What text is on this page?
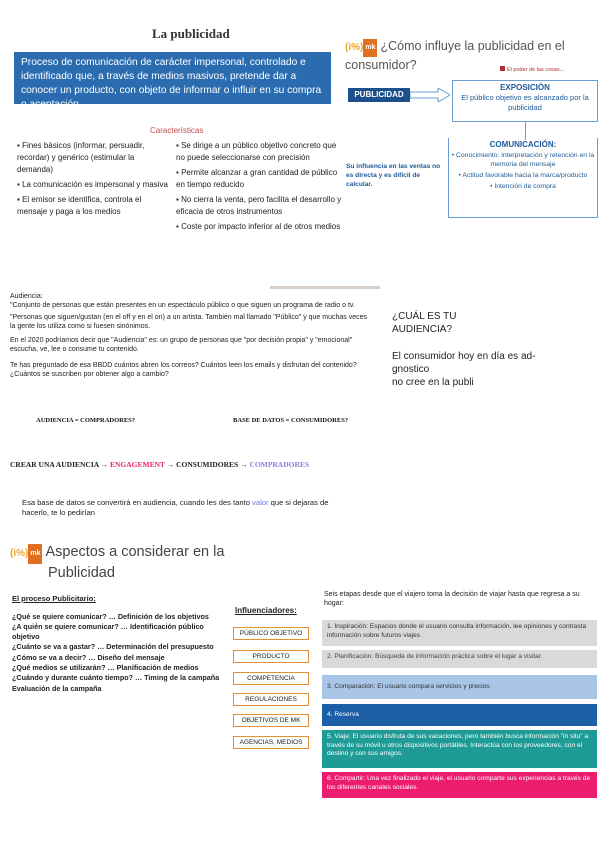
La publicidad
Proceso de comunicación de carácter impersonal, controlado e identificado que, a través de medios masivos, pretende dar a conocer un producto, con objeto de informar o influir en su compra o aceptación
Características
▪ Fines básicos (informar, persuadir, recordar) y genérico (estimular la demanda)
▪ La comunicación es impersonal y masiva
▪ El emisor se identifica, controla el mensaje y paga a los medios
▪ Se dirige a un público objetivo concreto que no puede seleccionarse con precisión
▪ Permite alcanzar a gran cantidad de público en tiempo reducido
▪ No cierra la venta, pero facilita el desarrollo y eficacia de otros instrumentos
▪ Coste por impacto inferior al de otros medios
(i%) mk ¿Cómo influye la publicidad en el consumidor?	El poder de las cosas...
PUBLICIDAD
EXPOSICIÓN
El público objetivo es alcanzado por la publicidad
COMUNICACIÓN:
• Conocimiento: interpretación y retención en la memoria del mensaje
• Actitud favorable hacia la marca/producto
• Intención de compra
Su influencia en las ventas no es directa y es difícil de calcular.
Audiencia:
"Conjunto de personas que están presentes en un espectáculo público o que siguen un programa de radio o tv.
"Personas que siguen/gustan (en el off y en el on) a un artista. También mal llamado "Público" y que muchas veces la gente los utiliza como si fuesen sinónimos.
En el 2020 podríamos decir que "Audiencia" es: un grupo de personas que "por decisión propia" y "emocional" escucha, ve, lee o consume tu contenido.
Te has preguntado de esa BBDD cuántos abren los correos? Cuántos leen los emails y disfrutan del contenido? ¿Cuántos se suscriben por obtener algo a cambio?
AUDIENCIA = COMPRADORES?	BASE DE DATOS = CONSUMIDORES?
¿CUÁL ES TU
AUDIENCIA?
El consumidor hoy en día es ad-
gnostico
no cree en la publi
CREAR UNA AUDIENCIA → ENGAGEMENT → CONSUMIDORES → COMPRADORES
Esa base de datos se convertirá en audiencia, cuando les des tanto valor que si dejaras de hacerlo, te lo pedirían
(i%) mk Aspectos a considerar en la
Publicidad
El proceso Publicitario:
¿Qué se quiere comunicar? … Definición de los objetivos
¿A quién se quiere comunicar? … Identificación público objetivo
¿Cuánto se va a gastar? … Determinación del presupuesto
¿Cómo se va a decir? … Diseño del mensaje
¿Qué medios se utilizarán? … Planificación de medios
¿Cuándo y durante cuánto tiempo? … Timing de la campaña
Evaluación de la campaña
Influenciadores:
PÚBLICO OBJETIVO
PRODUCTO
COMPETENCIA
REGULACIONES
OBJETIVOS DE MK
AGENCIAS, MEDIOS
Seis etapas desde que el viajero toma la decisión de viajar hasta que regresa a su hogar:
1. Inspiración: Espacios donde el usuario consulta información, lee opiniones y contrasta información sobre futuros viajes
2. Planificación: Búsqueda de información práctica sobre el lugar a visitar.
3. Comparación: El usuario compara servicios y precios
4. Reserva
5. Viaje: El usuario disfruta de sus vacaciones, pero también busca información "in situ" a través de su móvil u otros dispositivos portátiles. Interactúa con los proveedores, con el destino y con sus amigos.
6. Compartir: Una vez finalizado el viaje, el usuario comparte sus experiencias a través de los diferentes canales sociales.
